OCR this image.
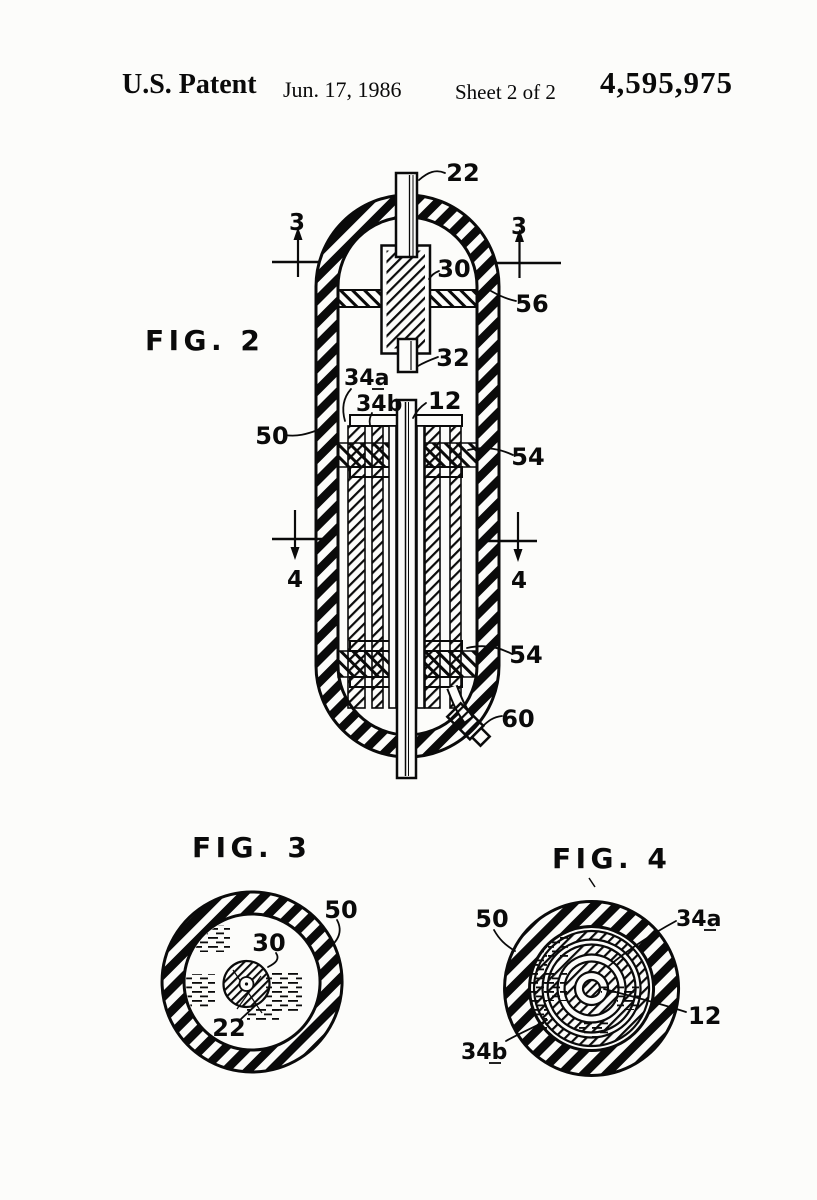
U.S. Patent Jun. 17, 1986	Sheet 2 of 2 4,595,975
3	3
4	4
FIG. 2
22
30
56
32
34a
34b 12
50
54
54
60
FIG. 3
50
30
22
FIG. 4
50	34a
12
34b
